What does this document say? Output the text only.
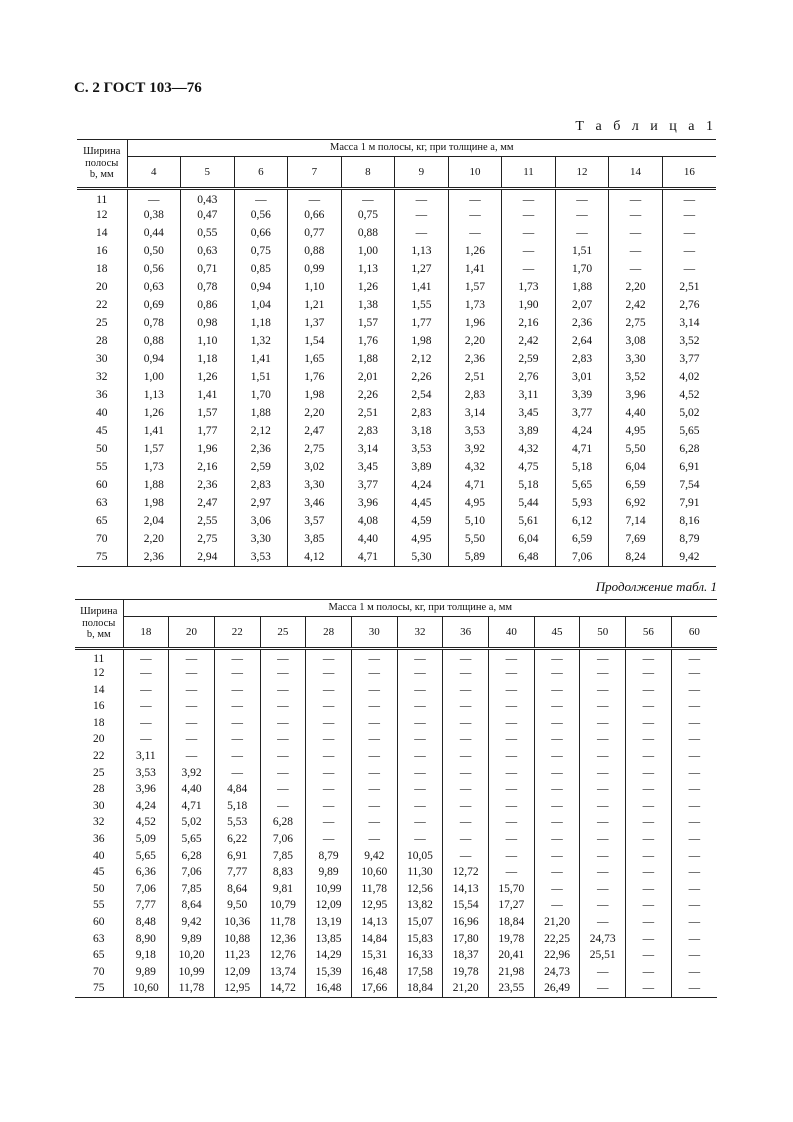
С. 2 ГОСТ 103—76
Т а б л и ц а 1
Ширина
полосы
b, мм	Масса 1 м полосы, кг, при толщине a, мм										
	4	5	6	7	8	9	10	11	12	14	16
11	—	0,43	—	—	—	—	—	—	—	—	—
12	0,38	0,47	0,56	0,66	0,75	—	—	—	—	—	—
14	0,44	0,55	0,66	0,77	0,88	—	—	—	—	—	—
16	0,50	0,63	0,75	0,88	1,00	1,13	1,26	—	1,51	—	—
18	0,56	0,71	0,85	0,99	1,13	1,27	1,41	—	1,70	—	—
20	0,63	0,78	0,94	1,10	1,26	1,41	1,57	1,73	1,88	2,20	2,51
22	0,69	0,86	1,04	1,21	1,38	1,55	1,73	1,90	2,07	2,42	2,76
25	0,78	0,98	1,18	1,37	1,57	1,77	1,96	2,16	2,36	2,75	3,14
28	0,88	1,10	1,32	1,54	1,76	1,98	2,20	2,42	2,64	3,08	3,52
30	0,94	1,18	1,41	1,65	1,88	2,12	2,36	2,59	2,83	3,30	3,77
32	1,00	1,26	1,51	1,76	2,01	2,26	2,51	2,76	3,01	3,52	4,02
36	1,13	1,41	1,70	1,98	2,26	2,54	2,83	3,11	3,39	3,96	4,52
40	1,26	1,57	1,88	2,20	2,51	2,83	3,14	3,45	3,77	4,40	5,02
45	1,41	1,77	2,12	2,47	2,83	3,18	3,53	3,89	4,24	4,95	5,65
50	1,57	1,96	2,36	2,75	3,14	3,53	3,92	4,32	4,71	5,50	6,28
55	1,73	2,16	2,59	3,02	3,45	3,89	4,32	4,75	5,18	6,04	6,91
60	1,88	2,36	2,83	3,30	3,77	4,24	4,71	5,18	5,65	6,59	7,54
63	1,98	2,47	2,97	3,46	3,96	4,45	4,95	5,44	5,93	6,92	7,91
65	2,04	2,55	3,06	3,57	4,08	4,59	5,10	5,61	6,12	7,14	8,16
70	2,20	2,75	3,30	3,85	4,40	4,95	5,50	6,04	6,59	7,69	8,79
75	2,36	2,94	3,53	4,12	4,71	5,30	5,89	6,48	7,06	8,24	9,42
Продолжение табл. 1
Ширина
полосы
b, мм	Масса 1 м полосы, кг, при толщине a, мм												
	18	20	22	25	28	30	32	36	40	45	50	56	60
11	—	—	—	—	—	—	—	—	—	—	—	—	—
12	—	—	—	—	—	—	—	—	—	—	—	—	—
14	—	—	—	—	—	—	—	—	—	—	—	—	—
16	—	—	—	—	—	—	—	—	—	—	—	—	—
18	—	—	—	—	—	—	—	—	—	—	—	—	—
20	—	—	—	—	—	—	—	—	—	—	—	—	—
22	3,11	—	—	—	—	—	—	—	—	—	—	—	—
25	3,53	3,92	—	—	—	—	—	—	—	—	—	—	—
28	3,96	4,40	4,84	—	—	—	—	—	—	—	—	—	—
30	4,24	4,71	5,18	—	—	—	—	—	—	—	—	—	—
32	4,52	5,02	5,53	6,28	—	—	—	—	—	—	—	—	—
36	5,09	5,65	6,22	7,06	—	—	—	—	—	—	—	—	—
40	5,65	6,28	6,91	7,85	8,79	9,42	10,05	—	—	—	—	—	—
45	6,36	7,06	7,77	8,83	9,89	10,60	11,30	12,72	—	—	—	—	—
50	7,06	7,85	8,64	9,81	10,99	11,78	12,56	14,13	15,70	—	—	—	—
55	7,77	8,64	9,50	10,79	12,09	12,95	13,82	15,54	17,27	—	—	—	—
60	8,48	9,42	10,36	11,78	13,19	14,13	15,07	16,96	18,84	21,20	—	—	—
63	8,90	9,89	10,88	12,36	13,85	14,84	15,83	17,80	19,78	22,25	24,73	—	—
65	9,18	10,20	11,23	12,76	14,29	15,31	16,33	18,37	20,41	22,96	25,51	—	—
70	9,89	10,99	12,09	13,74	15,39	16,48	17,58	19,78	21,98	24,73	—	—	—
75	10,60	11,78	12,95	14,72	16,48	17,66	18,84	21,20	23,55	26,49	—	—	—
